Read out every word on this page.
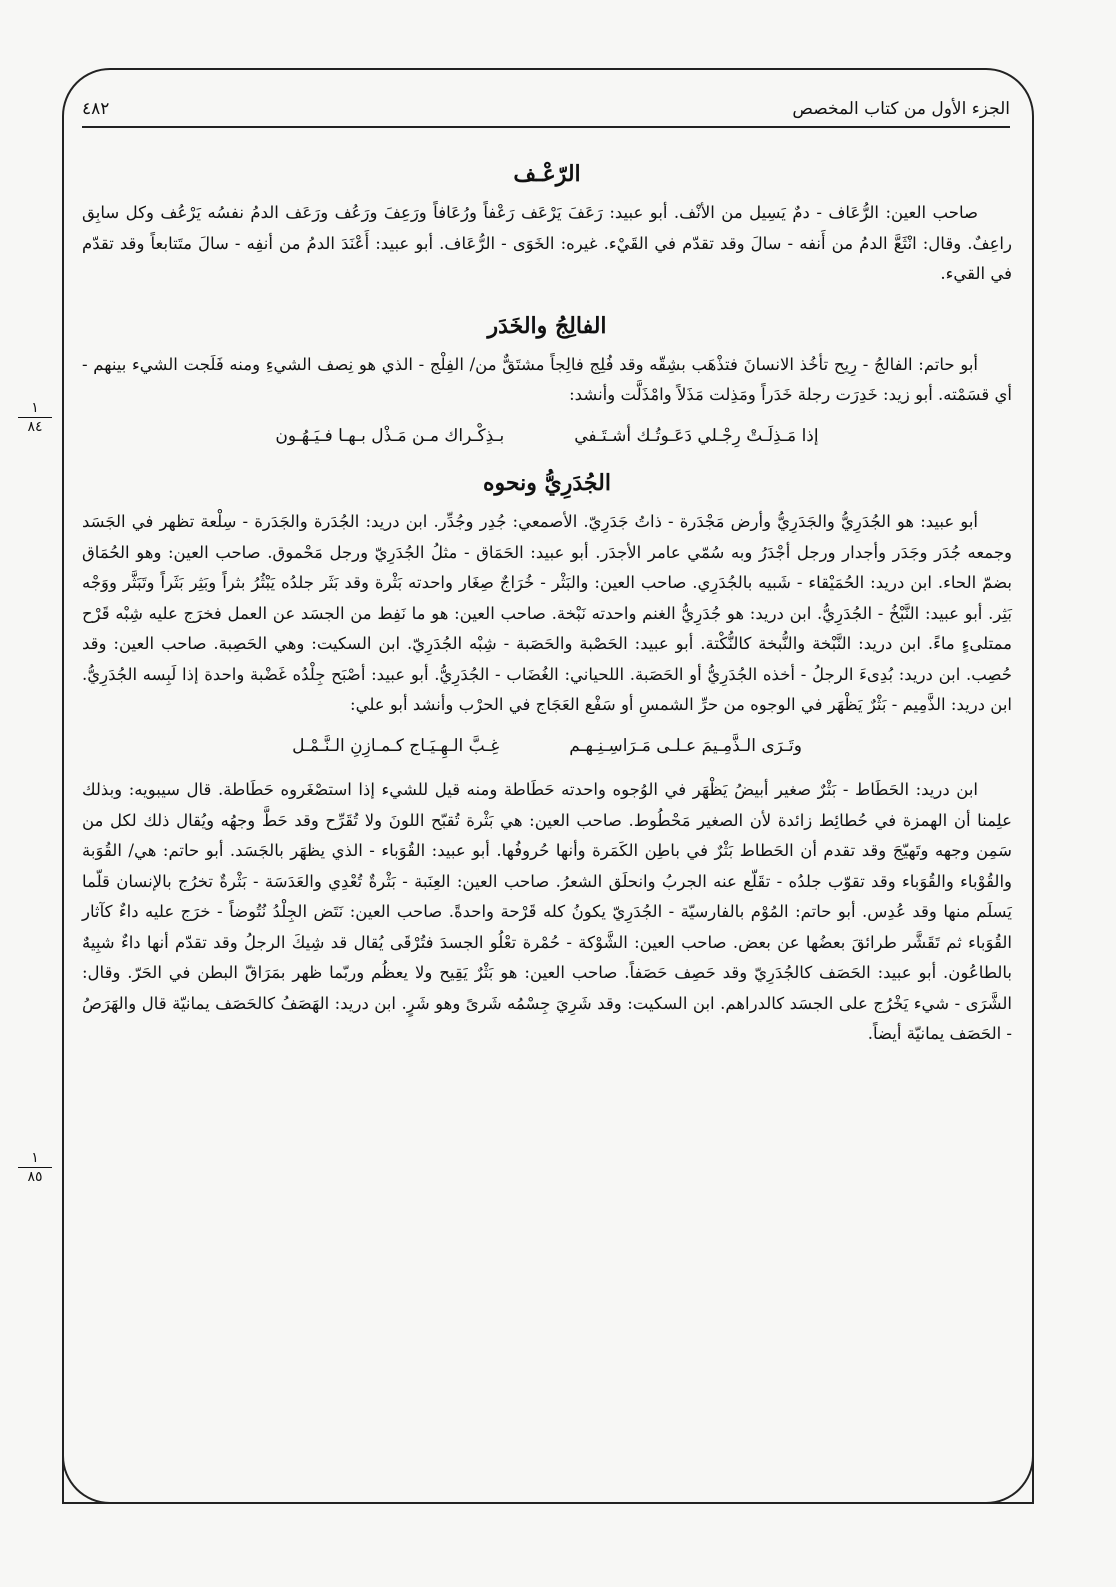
الجزء الأول من كتاب المخصص
٤٨٢
١
٨٤
١
٨٥
الرّعْـف

صاحب العين: الرُّعَاف - دمٌ يَسِيل من الأنْف. أبو عبيد: رَعَفَ يَرْعَف رَعْفاً ورُعَافاً ورَعِفَ ورَعُف ورَعَف الدمُ نفسُه يَرْعُف وكل سابِق راعِفٌ. وقال: انْثَعَّ الدمُ من أَنفه - سالَ وقد تقدّم في القَيْء. غيره: الخَوَى - الرُّعَاف. أبو عبيد: أَعْنَدَ الدمُ من أنفِه - سالَ متَتابعاً وقد تقدّم في القيء.

الفالِجُ والخَدَر

أبو حاتم: الفالجُ - رِيح تأخُذ الانسانَ فتذْهَب بشِقّه وقد فُلِج فالِجاً مشتَقٌّ من/ الفِلْج - الذي هو نِصف الشيءِ ومنه فَلَجت الشيء بينهم - أي قسَمْته. أبو زيد: خَدِرَت رجلة خَدَراً ومَذِلت مَذَلاً وامْذَلَّت وأنشد:

إذا مَـذِلَـتْ رِجْـلي دَعَـوتُـك أشـتَـفي
بـذِكْـراك مـن مَـذْل بـهـا فـيَـهُـون
الجُدَرِيُّ ونحوه

أبو عبيد: هو الجُدَرِيُّ والجَدَرِيُّ وأرض مَجْدَرة - ذاتُ جَدَرِيّ. الأصمعي: جُدِر وجُدِّر. ابن دريد: الجُدَرة والجَدَرة - سِلْعة تظهر في الجَسَد وجمعه جُدَر وجَدَر وأجدار ورجل أجْدَرُ وبه سُمّي عامر الأجدَر. أبو عبيد: الحَمَاق - مثلُ الجُدَرِيّ ورجل مَحْموق. صاحب العين: وهو الحُمَاق بضمّ الحاء. ابن دريد: الحُمَيْقاء - شَبيه بالجُدَرِي. صاحب العين: والبَثْر - خُرَاجٌ صِغَار واحدته بَثْرة وقد بَثَر جلدُه يَبْثُرُ بثراً وبَثِر بَثَراً وتَبَثَّر ووَجْه بَثِر. أبو عبيد: النَّبْخُ - الجُدَرِيُّ. ابن دريد: هو جُدَرِيُّ الغنم واحدته نَبْخة. صاحب العين: هو ما نَفِط من الجسَد عن العمل فخرَج عليه شِبْه قَرْح ممتلىءٍ ماءً. ابن دريد: النَّبْخة والنُّبخة كالنُّكْتة. أبو عبيد: الحَصْبة والحَصَبة - شِبْه الجُدَرِيّ. ابن السكيت: وهي الحَصِبة. صاحب العين: وقد حُصِب. ابن دريد: بُدِىءَ الرجلُ - أخذه الجُدَرِيُّ أو الحَصَبة. اللحياني: الغُضَاب - الجُدَرِيُّ. أبو عبيد: أصْبَح جِلْدُه غَضْبة واحدة إذا لَبِسه الجُدَرِيُّ. ابن دريد: الذَّمِيم - بَثْرٌ يَظْهَر في الوجوه من حرِّ الشمسِ أو سَفْع العَجَاج في الحرْب وأنشد أبو علي:

وتَـرَى الـذَّمِـيمَ عـلـى مَـرَاسِـنِـهـم
غِـبَّ الـهِـيَـاج كـمـازِنِ الـنَّـمْـل

ابن دريد: الحَطَاط - بَثْرٌ صغير أبيضُ يَظْهَر في الوُجوه واحدته حَطَاطة ومنه قيل للشيء إذا استصْغَروه حَطَاطة. قال سيبويه: وبذلك علِمنا أن الهمزة في حُطائِط زائدة لأن الصغير مَحْطُوط. صاحب العين: هي بَثْرة تُقبّح اللونَ ولا تُقَرِّح وقد حَطَّ وجهُه ويُقال ذلك لكل من سَمِن وجهه وتَهيّجَ وقد تقدم أن الحَطاط بَثْرٌ في باطِن الكَمَرة وأنها حُروفُها. أبو عبيد: القُوَباء - الذي يظهَر بالجَسَد. أبو حاتم: هي/ القُوَبة والقُوْباء والقُوَباء وقد تقوّب جلدُه - تقَلّع عنه الجربُ وانحلَق الشعرُ. صاحب العين: العِنَبة - بَثْرةٌ تُعْدِي والعَدَسَة - بَثْرةٌ تخرُج بالإنسان قلّما يَسلَم منها وقد عُدِس. أبو حاتم: المُوْم بالفارسيّة - الجُدَرِيّ يكونُ كله قَرْحة واحدةً. صاحب العين: نَتَض الجِلْدُ نُتُوضاً - خرَج عليه داءٌ كآثار القُوَباء ثم تَقَشَّر طرائقَ بعضُها عن بعض. صاحب العين: الشَّوْكة - حُمْرة تعْلُو الجسدَ فتُرْقَى يُقال قد شِيكَ الرجلُ وقد تقدّم أنها داءٌ شبِيهٌ بالطاعُون. أبو عبيد: الحَصَف كالجُدَرِيّ وقد حَصِف حَصَفاً. صاحب العين: هو بَثْرٌ يَقِيح ولا يعظُم وربّما ظهر بمَرَاقّ البطن في الحَرّ. وقال: الشَّرَى - شيء يَخْرُج على الجسَد كالدراهم. ابن السكيت: وقد شَرِيَ جِسْمُه شَرىً وهو شَرٍ. ابن دريد: الهَصَفُ كالحَصَف يمانيّة قال والهَرَصُ - الحَصَف يمانيّة أيضاً.
